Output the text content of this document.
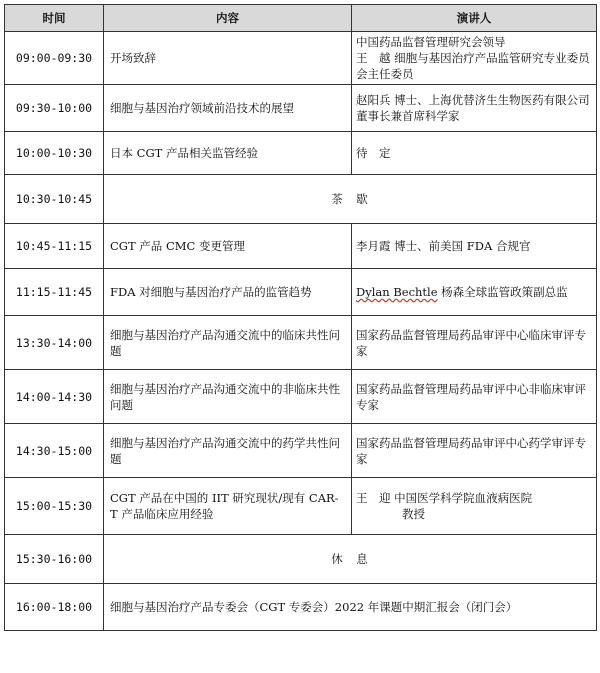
时间	内容	演讲人
09:00-09:30	开场致辞	中国药品监督管理研究会领导
王　越 细胞与基因治疗产品监管研究专业委员会主任委员

09:30-10:00	细胞与基因治疗领域前沿技术的展望	赵阳兵 博士、上海优替济生生物医药有限公司董事长兼首席科学家
10:00-10:30	日本 CGT 产品相关监管经验	待　定
10:30-10:45	茶　歇	
10:45-11:15	CGT 产品 CMC 变更管理	李月霞 博士、前美国 FDA 合规官
11:15-11:45	FDA 对细胞与基因治疗产品的监管趋势	Dylan Bechtle 杨森全球监管政策副总监
13:30-14:00	细胞与基因治疗产品沟通交流中的临床共性问题	国家药品监督管理局药品审评中心临床审评专家
14:00-14:30	细胞与基因治疗产品沟通交流中的非临床共性问题	国家药品监督管理局药品审评中心非临床审评专家
14:30-15:00	细胞与基因治疗产品沟通交流中的药学共性问题	国家药品监督管理局药品审评中心药学审评专家
15:00-15:30	CGT 产品在中国的 IIT 研究现状/现有 CAR-T 产品临床应用经验	王　迎 中国医学科学院血液病医院
　　　　教授

15:30-16:00	休　息	
16:00-18:00	细胞与基因治疗产品专委会（CGT 专委会）2022 年课题中期汇报会（闭门会）	
